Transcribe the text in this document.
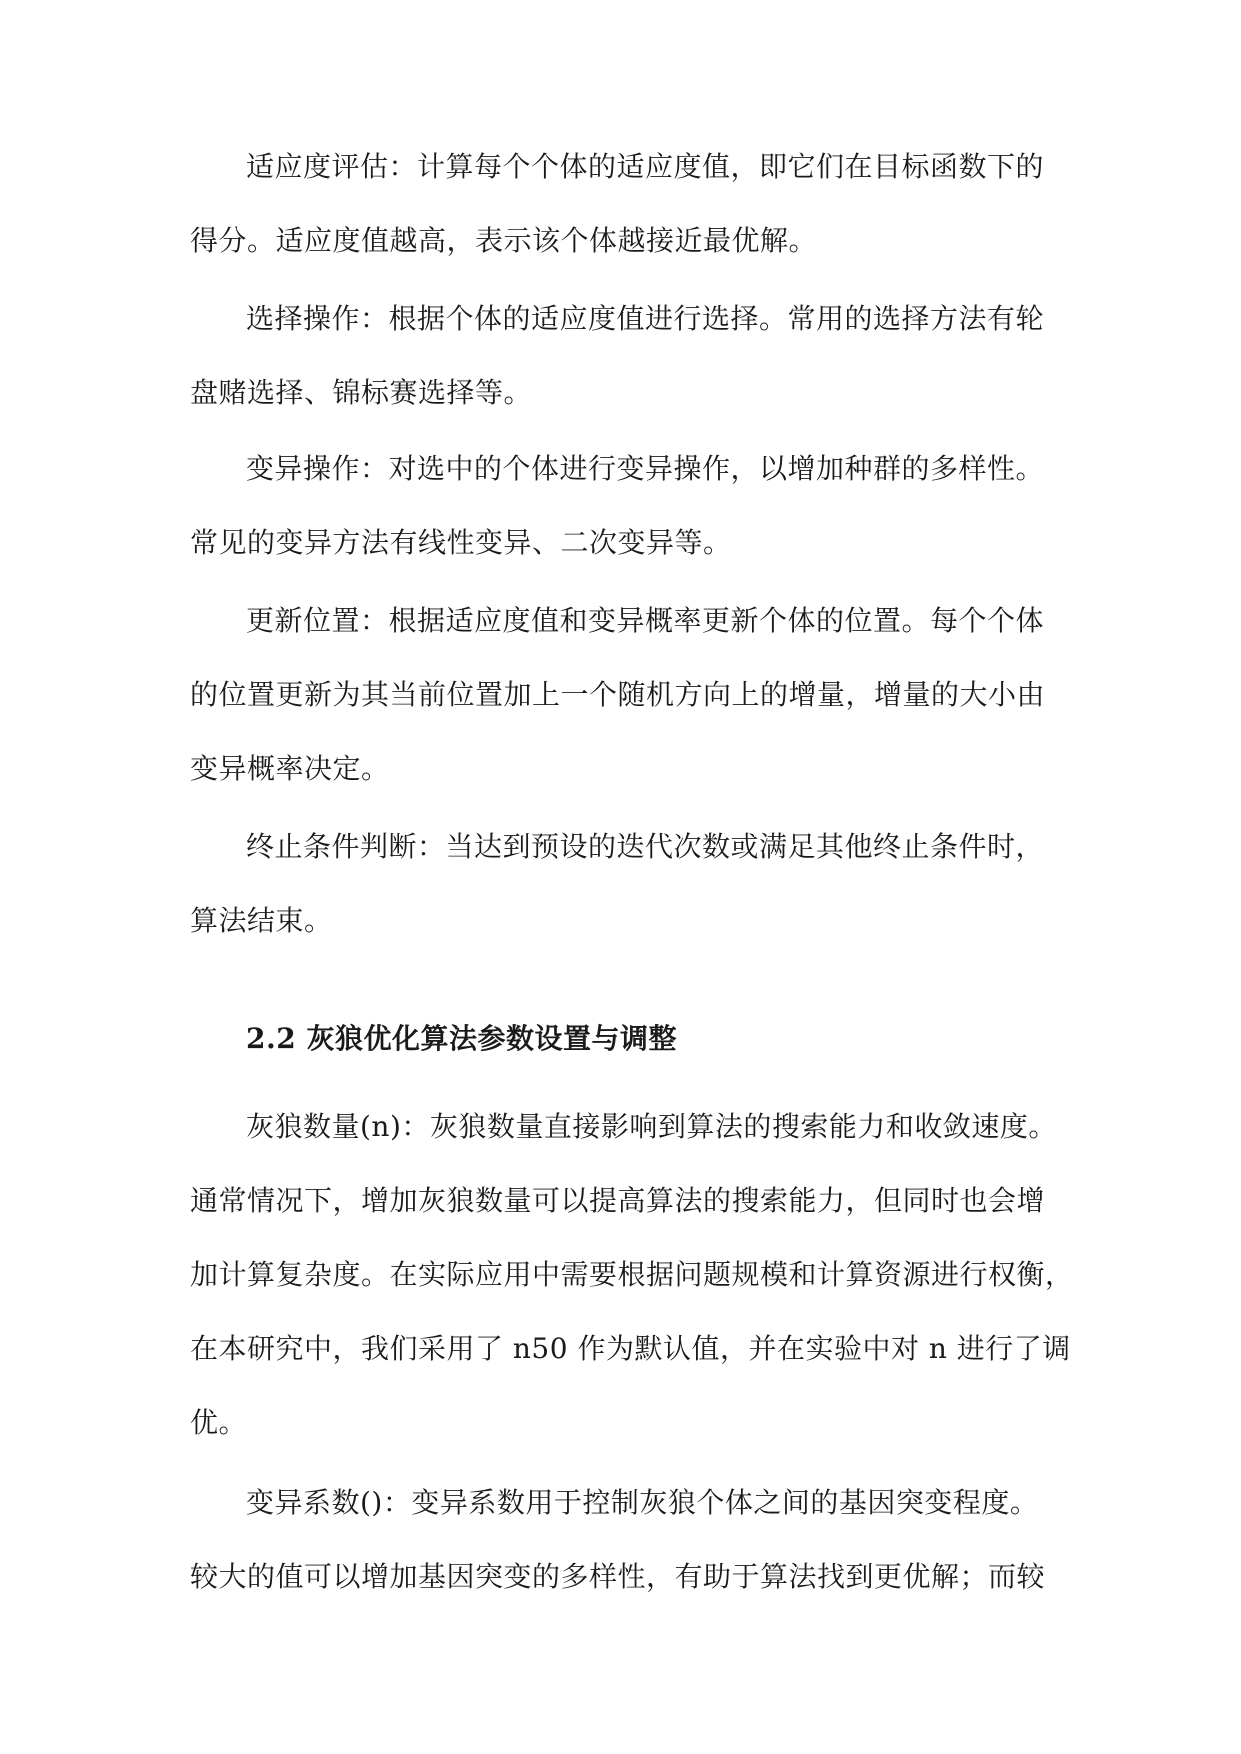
适应度评估：计算每个个体的适应度值，即它们在目标函数下的
得分。适应度值越高，表示该个体越接近最优解。
选择操作：根据个体的适应度值进行选择。常用的选择方法有轮
盘赌选择、锦标赛选择等。
变异操作：对选中的个体进行变异操作，以增加种群的多样性。
常见的变异方法有线性变异、二次变异等。
更新位置：根据适应度值和变异概率更新个体的位置。每个个体
的位置更新为其当前位置加上一个随机方向上的增量，增量的大小由
变异概率决定。
终止条件判断：当达到预设的迭代次数或满足其他终止条件时，
算法结束。
2.2 灰狼优化算法参数设置与调整
灰狼数量(n)：灰狼数量直接影响到算法的搜索能力和收敛速度。
通常情况下，增加灰狼数量可以提高算法的搜索能力，但同时也会增
加计算复杂度。在实际应用中需要根据问题规模和计算资源进行权衡，
在本研究中，我们采用了 n50 作为默认值，并在实验中对 n 进行了调
优。
变异系数()：变异系数用于控制灰狼个体之间的基因突变程度。
较大的值可以增加基因突变的多样性，有助于算法找到更优解；而较
